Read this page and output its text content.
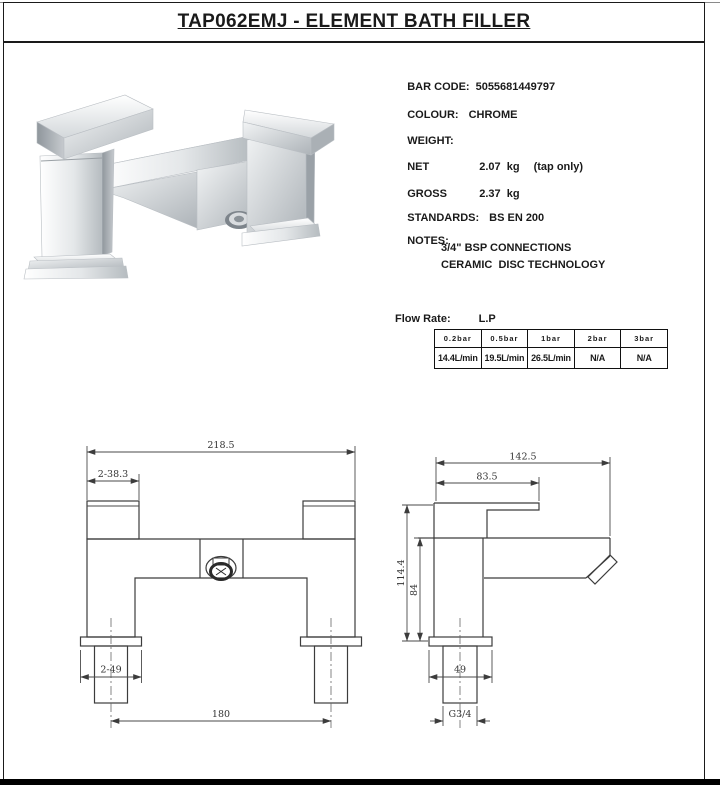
TAP062EMJ - ELEMENT BATH FILLER

BAR CODE: 5055681449797

COLOUR: CHROME

WEIGHT:

NET	2.07  kg (tap only)

GROSS	2.37  kg

STANDARDS: BS EN 200

NOTES:

3/4" BSP CONNECTIONS
CERAMIC  DISC TECHNOLOGY
Flow Rate:	L.P
0.2bar	0.5bar	1bar	2bar	3bar
14.4L/min	19.5L/min	26.5L/min	N/A	N/A
218.5
2-38.3
2-49
180
142.5
83.5
49
G3/4
114.4
84
